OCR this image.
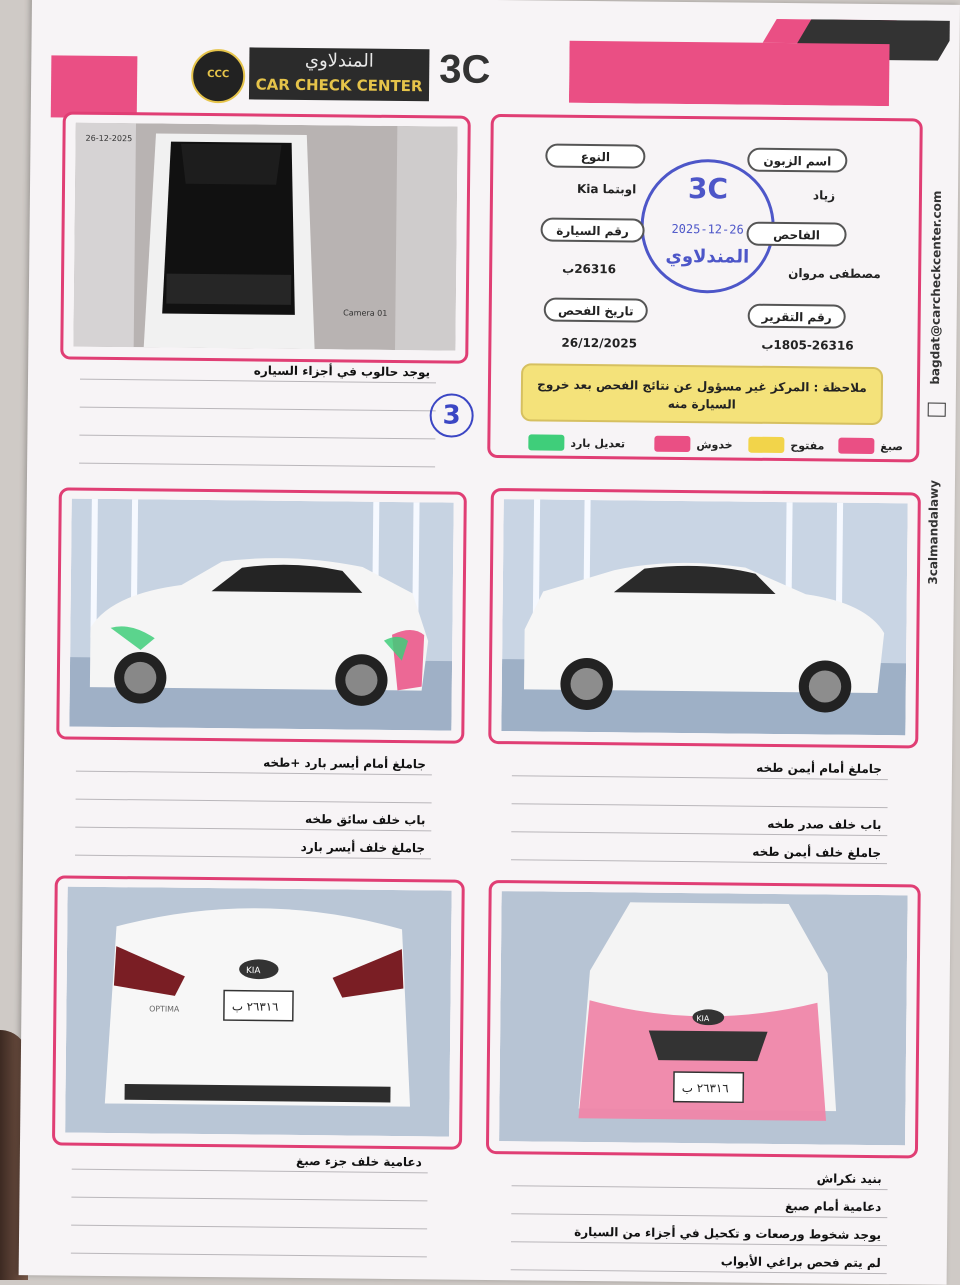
CCC
المندلاوي
CAR CHECK CENTER 3C
26-12-2025
Camera 01
يوجد حالوب في أجزاء السياره
3
3C
2025-12-26
المندلاوي
النوع	اسم الزبون
اوبتما Kia	زياد
رقم السيارة	الفاحص
26316ب	مصطفى مروان
تاريخ الفحص	رقم التقرير
26/12/2025	1805-26316ب
ملاحظة : المركز غير مسؤول عن نتائج الفحص بعد خروج السيارة منه
صبغ
مفتوح
خدوش
تعديل بارد
جاملغ أمام أيسر بارد +طخه
باب خلف سائق طخه
جاملغ خلف أيسر بارد
جاملغ أمام أيمن طخه
باب خلف صدر طخه
جاملغ خلف أيمن طخه
KIA
٢٦٣١٦ ب
OPTIMA
دعامية خلف جزء صبغ
KIA
٢٦٣١٦ ب
بنيد نكراش
دعامية أمام صبغ
يوجد شخوط ورصعات و تكحيل في أجزاء من السيارة
لم يتم فحص براغي الأبواب
bagdat@carcheckcenter.com
3calmandalawy
